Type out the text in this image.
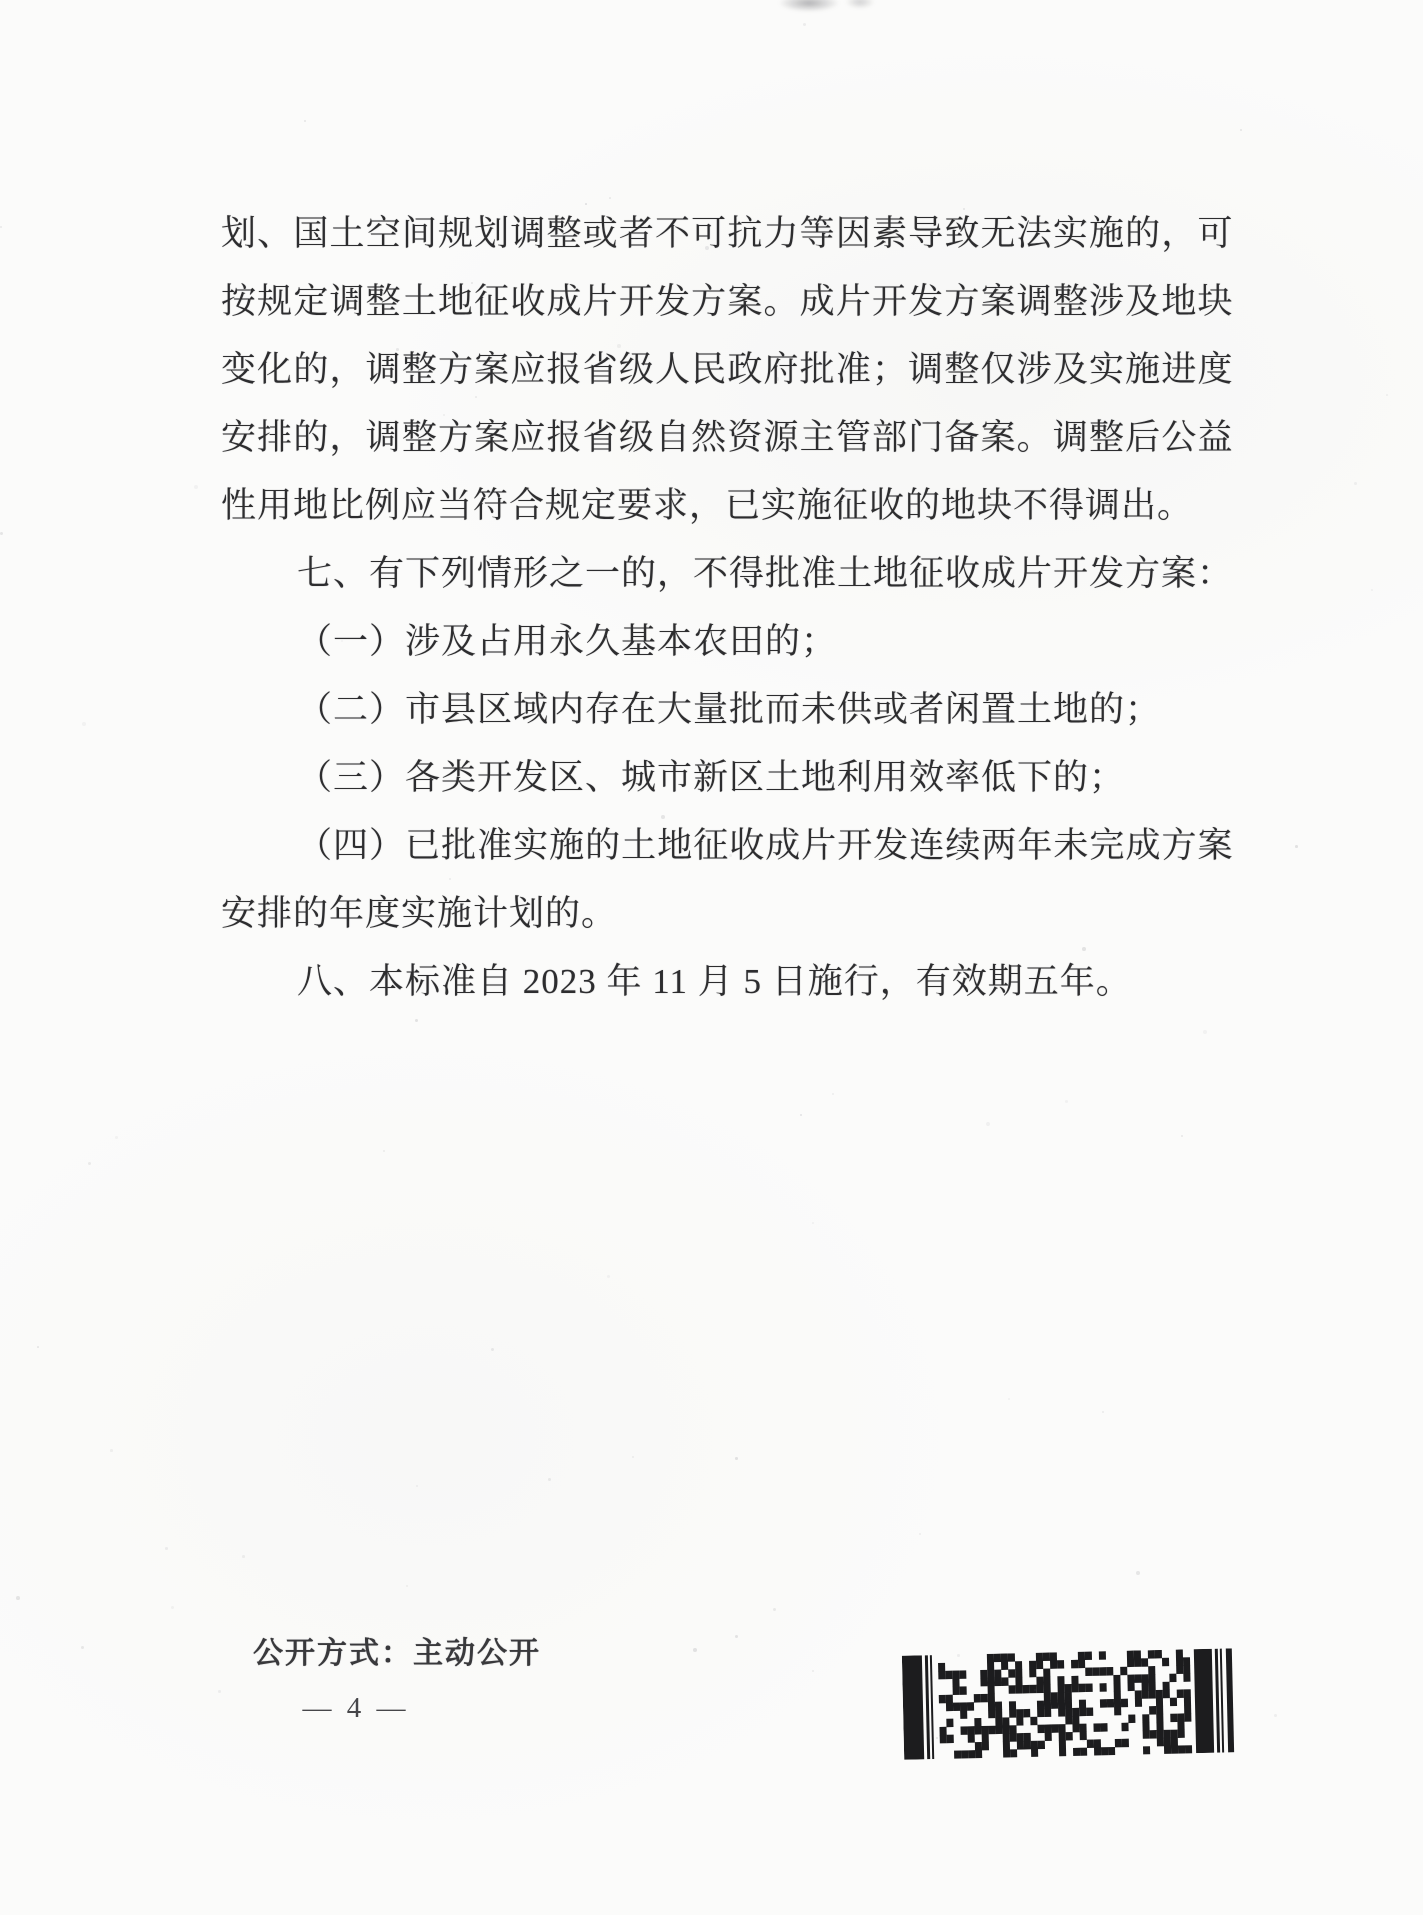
划、国土空间规划调整或者不可抗力等因素导致无法实施的，可
按规定调整土地征收成片开发方案。成片开发方案调整涉及地块
变化的，调整方案应报省级人民政府批准；调整仅涉及实施进度
安排的，调整方案应报省级自然资源主管部门备案。调整后公益
性用地比例应当符合规定要求，已实施征收的地块不得调出。
七、有下列情形之一的，不得批准土地征收成片开发方案：
（一）涉及占用永久基本农田的；
（二）市县区域内存在大量批而未供或者闲置土地的；
（三）各类开发区、城市新区土地利用效率低下的；
（四）已批准实施的土地征收成片开发连续两年未完成方案
安排的年度实施计划的。
八、本标准自 2023 年 11 月 5 日施行，有效期五年。
公开方式：主动公开
— 4 —
